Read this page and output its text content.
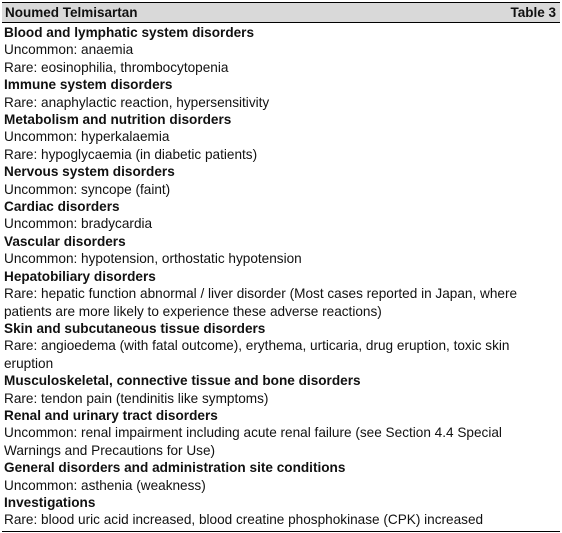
Noumed Telmisartan	Table 3
Blood and lymphatic system disorders
Uncommon: anaemia
Rare: eosinophilia, thrombocytopenia
Immune system disorders
Rare: anaphylactic reaction, hypersensitivity
Metabolism and nutrition disorders
Uncommon: hyperkalaemia
Rare: hypoglycaemia (in diabetic patients)
Nervous system disorders
Uncommon: syncope (faint)
Cardiac disorders
Uncommon: bradycardia
Vascular disorders
Uncommon: hypotension, orthostatic hypotension
Hepatobiliary disorders
Rare: hepatic function abnormal / liver disorder (Most cases reported in Japan, where patients are more likely to experience these adverse reactions)
Skin and subcutaneous tissue disorders
Rare: angioedema (with fatal outcome), erythema, urticaria, drug eruption, toxic skin eruption
Musculoskeletal, connective tissue and bone disorders
Rare: tendon pain (tendinitis like symptoms)
Renal and urinary tract disorders
Uncommon: renal impairment including acute renal failure (see Section 4.4 Special Warnings and Precautions for Use)
General disorders and administration site conditions
Uncommon: asthenia (weakness)
Investigations
Rare: blood uric acid increased, blood creatine phosphokinase (CPK) increased
